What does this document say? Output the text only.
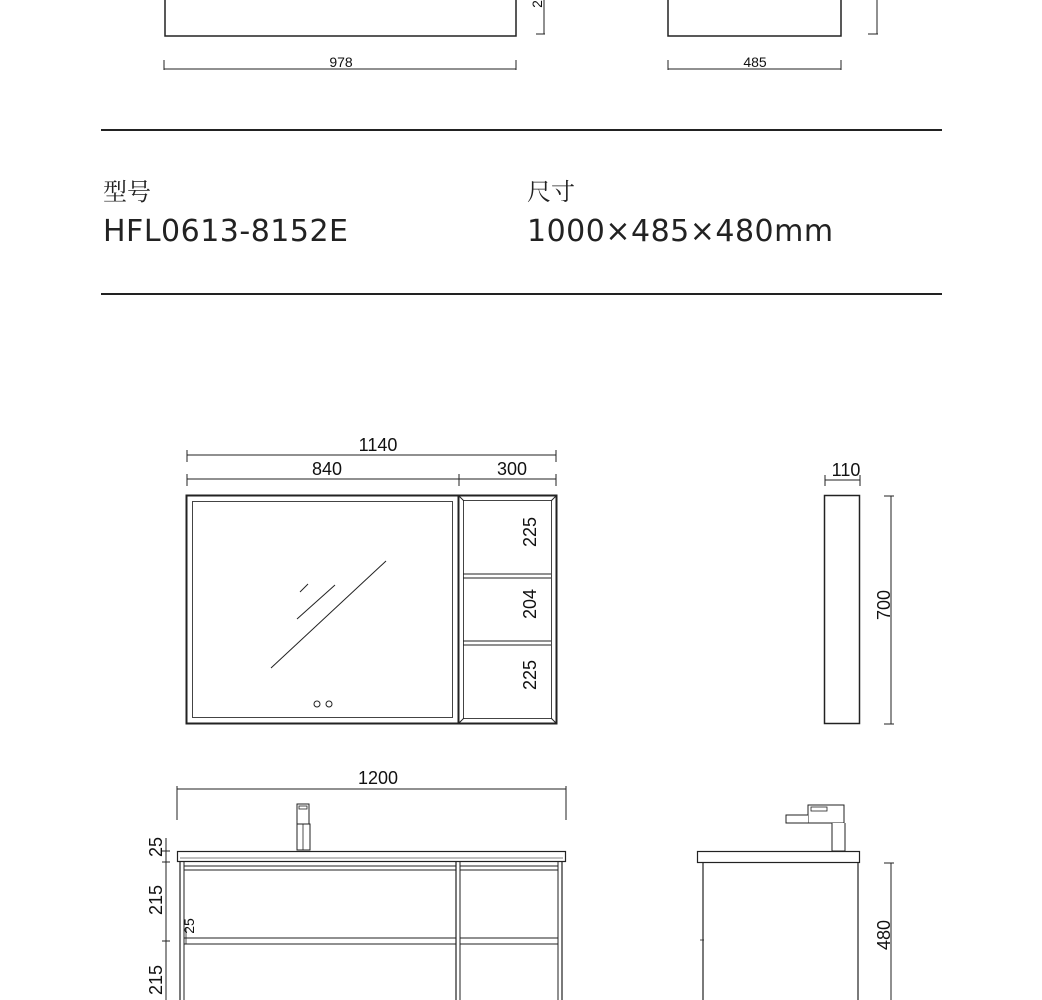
978
2
485
1140
840	300
225
204
225
110
700
1200
25
215
215
25	480
型号
HFL0613-8152E
尺寸
1000×485×480mm
